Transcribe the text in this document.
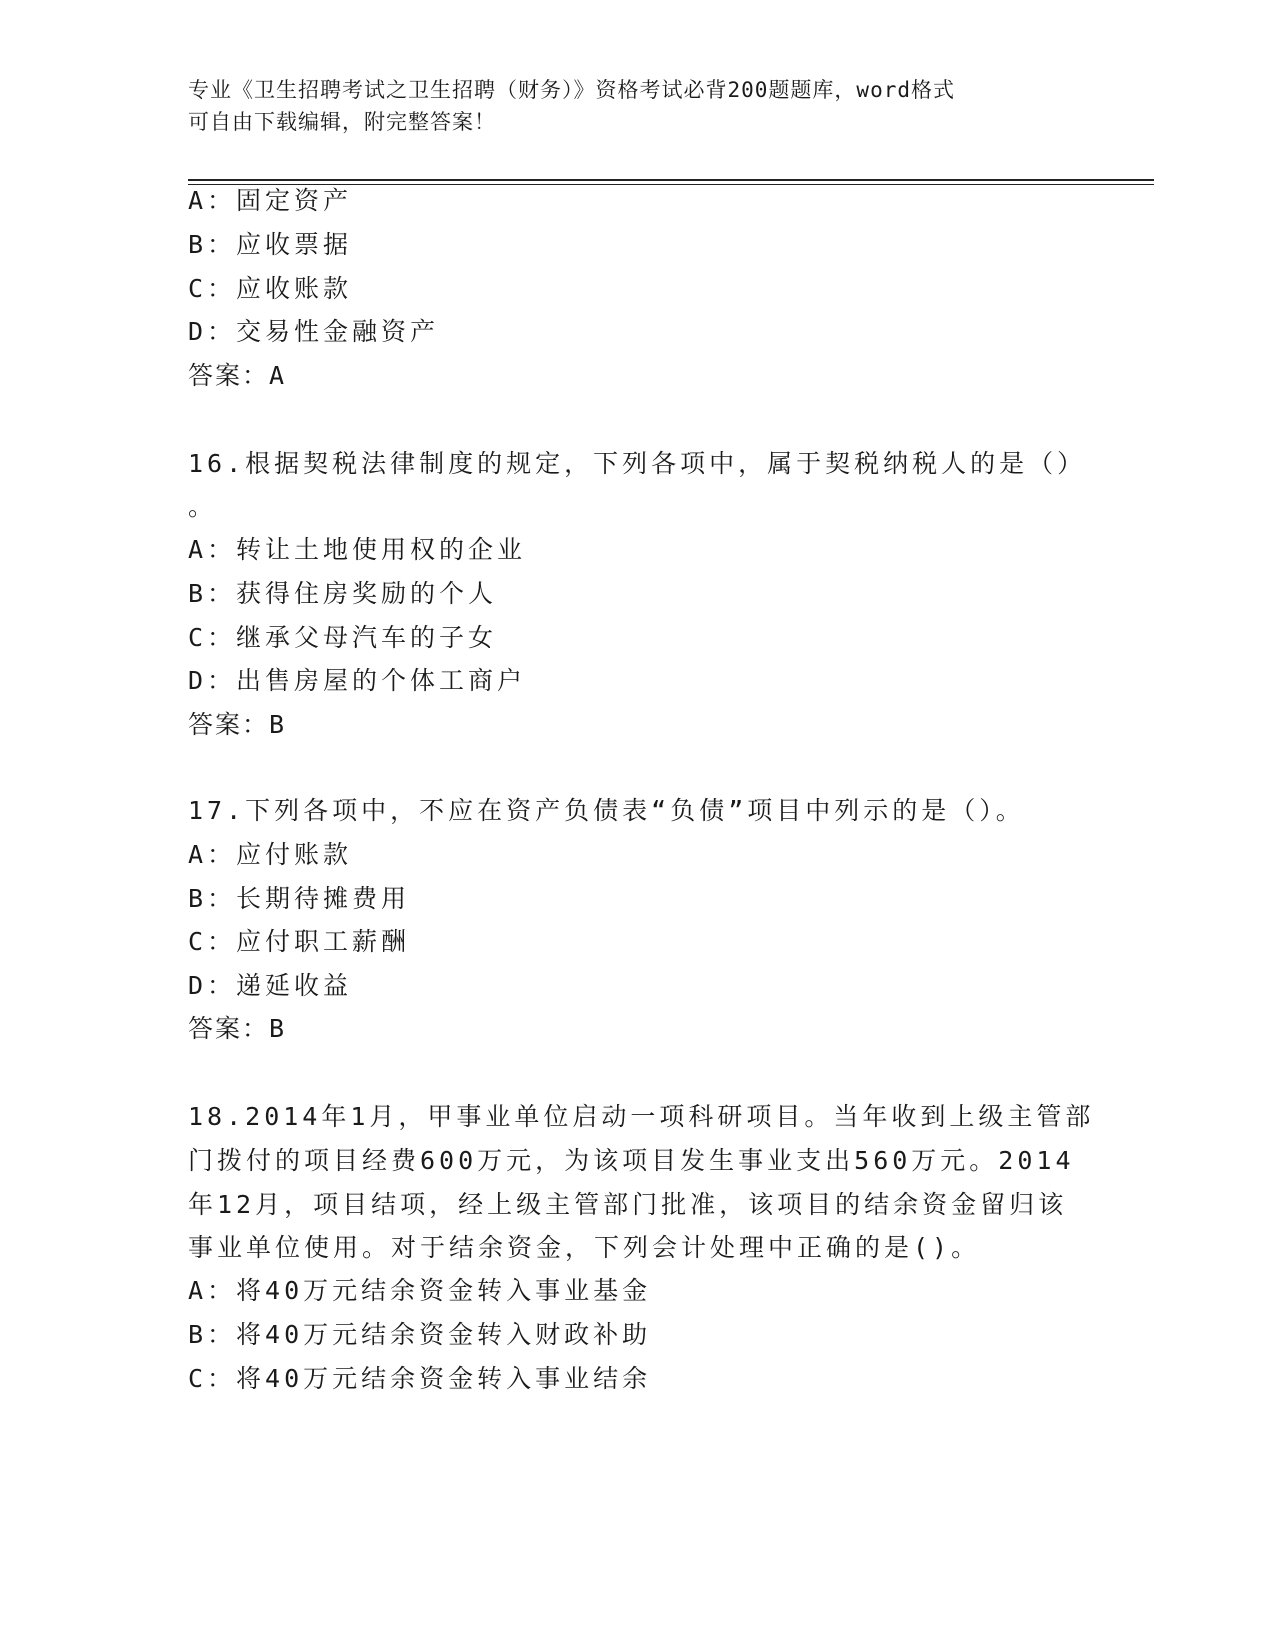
专业《卫生招聘考试之卫生招聘（财务）》资格考试必背200题题库，word格式
可自由下载编辑，附完整答案！
A：固定资产
B：应收票据
C：应收账款
D：交易性金融资产
答案：A
16.根据契税法律制度的规定，下列各项中，属于契税纳税人的是（）
。
A：转让土地使用权的企业
B：获得住房奖励的个人
C：继承父母汽车的子女
D：出售房屋的个体工商户
答案：B
17.下列各项中，不应在资产负债表“负债”项目中列示的是（）。
A：应付账款
B：长期待摊费用
C：应付职工薪酬
D：递延收益
答案：B
18.2014年1月，甲事业单位启动一项科研项目。当年收到上级主管部
门拨付的项目经费600万元，为该项目发生事业支出560万元。2014
年12月，项目结项，经上级主管部门批准，该项目的结余资金留归该
事业单位使用。对于结余资金，下列会计处理中正确的是()。
A：将40万元结余资金转入事业基金
B：将40万元结余资金转入财政补助
C：将40万元结余资金转入事业结余
